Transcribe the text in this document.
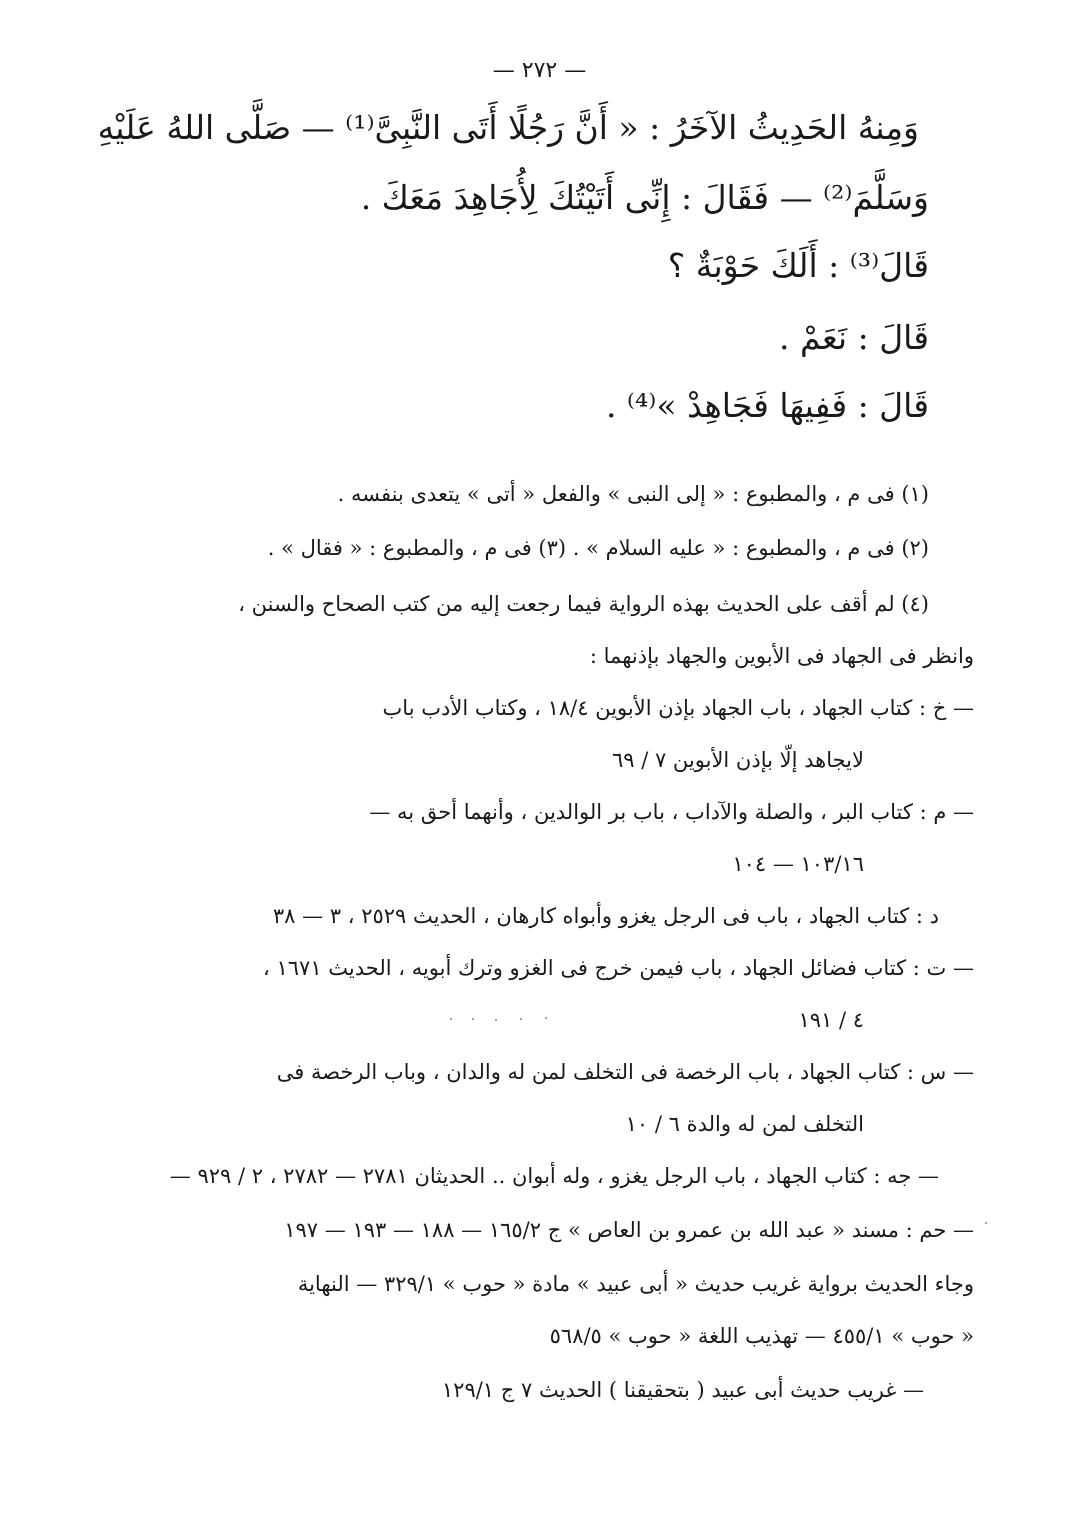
— ٢٧٢ —
وَمِنهُ الحَدِيثُ الآخَرُ : « أَنَّ رَجُلًا أَتَى النَّبِىَّ⁽¹⁾ — صَلَّى اللهُ عَلَيْهِ
وَسَلَّمَ⁽²⁾ — فَقَالَ : إِنِّى أَتَيْتُكَ لِأُجَاهِدَ مَعَكَ .
قَالَ⁽³⁾ : أَلَكَ حَوْبَةٌ ؟
قَالَ : نَعَمْ .
قَالَ : فَفِيهَا فَجَاهِدْ »⁽⁴⁾ .
(١) فى م ، والمطبوع : « إلى النبى » والفعل « أتى » يتعدى بنفسه .
(٢) فى م ، والمطبوع : « عليه السلام » . (٣) فى م ، والمطبوع : « فقال » .
(٤) لم أقف على الحديث بهذه الرواية فيما رجعت إليه من كتب الصحاح والسنن ،
وانظر فى الجهاد فى الأبوين والجهاد بإذنهما :
— خ : كتاب الجهاد ، باب الجهاد بإذن الأبوين ١٨/٤ ، وكتاب الأدب باب
لايجاهد إلّا بإذن الأبوين ٧ / ٦٩
— م : كتاب البر ، والصلة والآداب ، باب بر الوالدين ، وأنهما أحق به —
١٠٣/١٦ — ١٠٤
د : كتاب الجهاد ، باب فى الرجل يغزو وأبواه كارهان ، الحديث ٢٥٢٩ ، ٣ — ٣٨
— ت : كتاب فضائل الجهاد ، باب فيمن خرج فى الغزو وترك أبويه ، الحديث ١٦٧١ ،
٤ / ١٩١
— س : كتاب الجهاد ، باب الرخصة فى التخلف لمن له والدان ، وباب الرخصة فى
التخلف لمن له والدة ٦ / ١٠
— جه : كتاب الجهاد ، باب الرجل يغزو ، وله أبوان .. الحديثان ٢٧٨١ — ٢٧٨٢ ، ٢ / ٩٢٩ —
— حم : مسند « عبد الله بن عمرو بن العاص » ج ١٦٥/٢ — ١٨٨ — ١٩٣ — ١٩٧
وجاء الحديث برواية غريب حديث « أبى عبيد » مادة « حوب » ٣٢٩/١ — النهاية
« حوب » ٤٥٥/١ — تهذيب اللغة « حوب » ٥٦٨/٥
— غريب حديث أبى عبيد ( بتحقيقنا ) الحديث ٧ ج ١٢٩/١
